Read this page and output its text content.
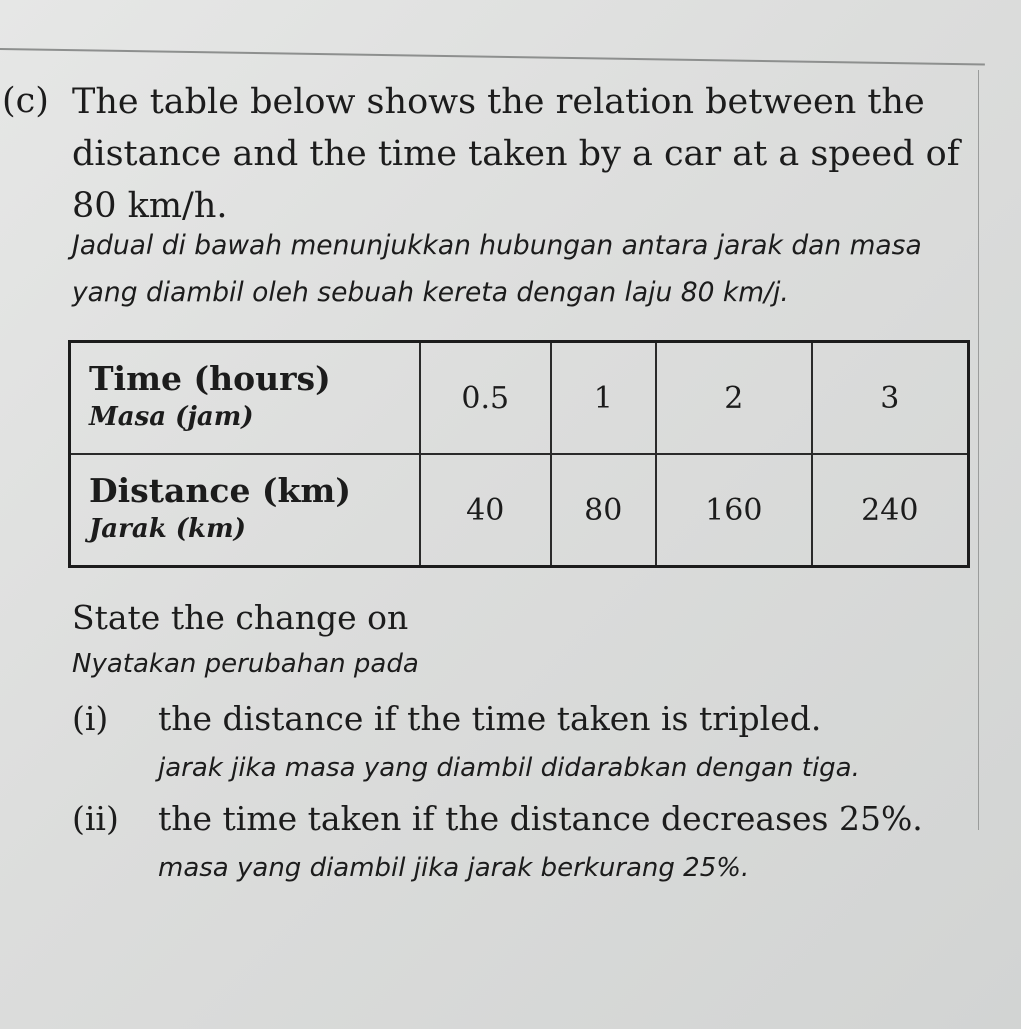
(c) The table below shows the relation between the distance and the time taken by a car at a speed of 80 km/h.

Jadual di bawah menunjukkan hubungan antara jarak dan masa yang diambil oleh sebuah kereta dengan laju 80 km/j.

Time (hours)
Masa (jam)	0.5	1	2	3

Distance (km)
Jarak (km)	40	80	160	240
State the change on
Nyatakan perubahan pada
(i) the distance if the time taken is tripled.
jarak jika masa yang diambil didarabkan dengan tiga.
(ii) the time taken if the distance decreases 25%.
masa yang diambil jika jarak berkurang 25%.
